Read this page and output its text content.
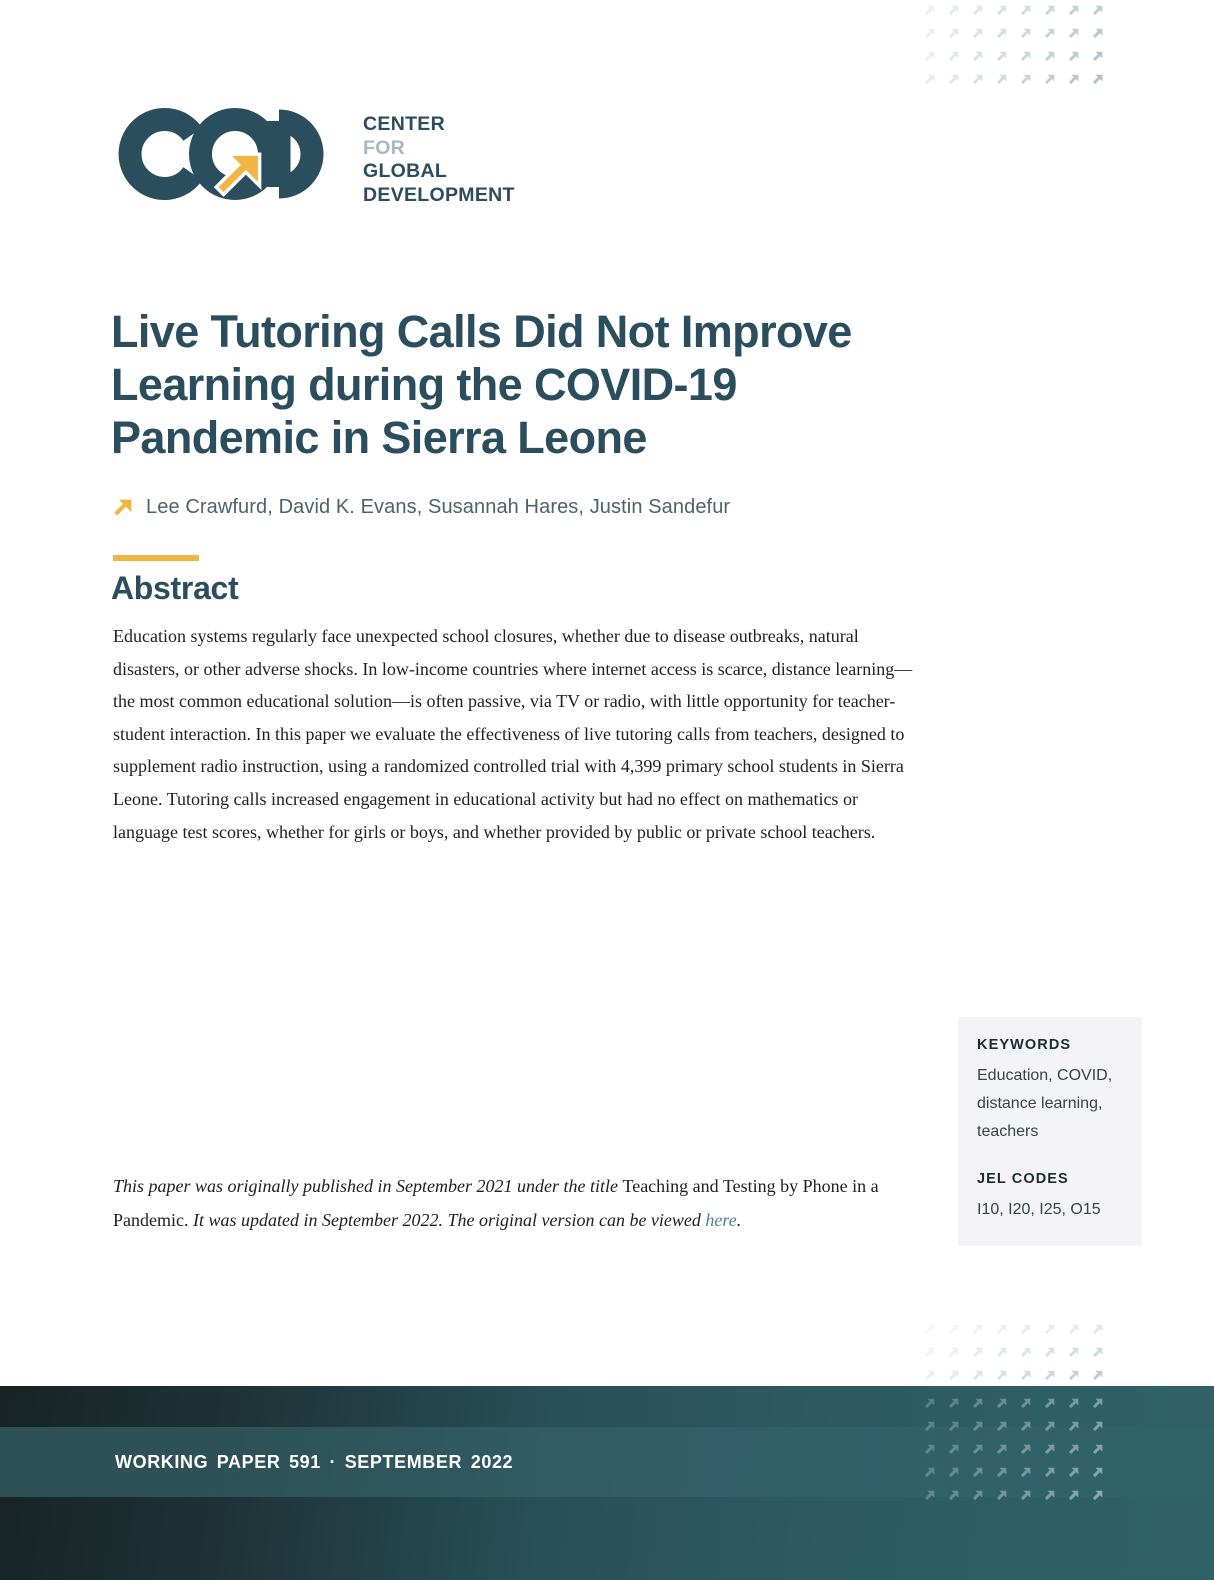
CENTER
FOR
GLOBAL
DEVELOPMENT
Live Tutoring Calls Did Not Improve Learning during the COVID-19 Pandemic in Sierra Leone
Lee Crawfurd, David K. Evans, Susannah Hares, Justin Sandefur
Abstract

Education systems regularly face unexpected school closures, whether due to disease outbreaks, natural disasters, or other adverse shocks. In low-income countries where internet access is scarce, distance learning—the most common educational solution—is often passive, via TV or radio, with little opportunity for teacher-student interaction. In this paper we evaluate the effectiveness of live tutoring calls from teachers, designed to supplement radio instruction, using a randomized controlled trial with 4,399 primary school students in Sierra Leone. Tutoring calls increased engagement in educational activity but had no effect on mathematics or language test scores, whether for girls or boys, and whether provided by public or private school teachers.

KEYWORDS
Education, COVID, distance learning, teachers
JEL CODES
I10, I20, I25, O15

This paper was originally published in September 2021 under the title Teaching and Testing by Phone in a Pandemic. It was updated in September 2022. The original version can be viewed here.

WORKING PAPER 591 · SEPTEMBER 2022
